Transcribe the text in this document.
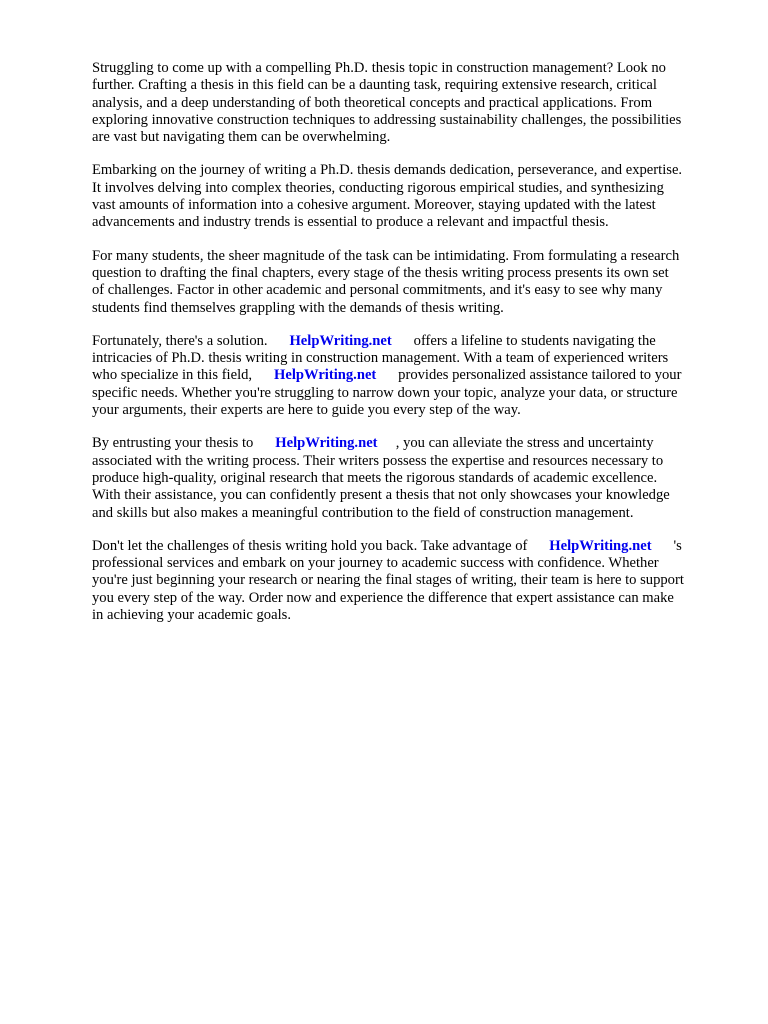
Struggling to come up with a compelling Ph.D. thesis topic in construction management? Look no
further. Crafting a thesis in this field can be a daunting task, requiring extensive research, critical
analysis, and a deep understanding of both theoretical concepts and practical applications. From
exploring innovative construction techniques to addressing sustainability challenges, the possibilities
are vast but navigating them can be overwhelming.

Embarking on the journey of writing a Ph.D. thesis demands dedication, perseverance, and expertise.
It involves delving into complex theories, conducting rigorous empirical studies, and synthesizing
vast amounts of information into a cohesive argument. Moreover, staying updated with the latest
advancements and industry trends is essential to produce a relevant and impactful thesis.

For many students, the sheer magnitude of the task can be intimidating. From formulating a research
question to drafting the final chapters, every stage of the thesis writing process presents its own set
of challenges. Factor in other academic and personal commitments, and it's easy to see why many
students find themselves grappling with the demands of thesis writing.

Fortunately, there's a solution.      HelpWriting.net      offers a lifeline to students navigating the
intricacies of Ph.D. thesis writing in construction management. With a team of experienced writers
who specialize in this field,      HelpWriting.net      provides personalized assistance tailored to your
specific needs. Whether you're struggling to narrow down your topic, analyze your data, or structure
your arguments, their experts are here to guide you every step of the way.

By entrusting your thesis to      HelpWriting.net     , you can alleviate the stress and uncertainty
associated with the writing process. Their writers possess the expertise and resources necessary to
produce high-quality, original research that meets the rigorous standards of academic excellence.
With their assistance, you can confidently present a thesis that not only showcases your knowledge
and skills but also makes a meaningful contribution to the field of construction management.

Don't let the challenges of thesis writing hold you back. Take advantage of      HelpWriting.net      's
professional services and embark on your journey to academic success with confidence. Whether
you're just beginning your research or nearing the final stages of writing, their team is here to support
you every step of the way. Order now and experience the difference that expert assistance can make
in achieving your academic goals.
